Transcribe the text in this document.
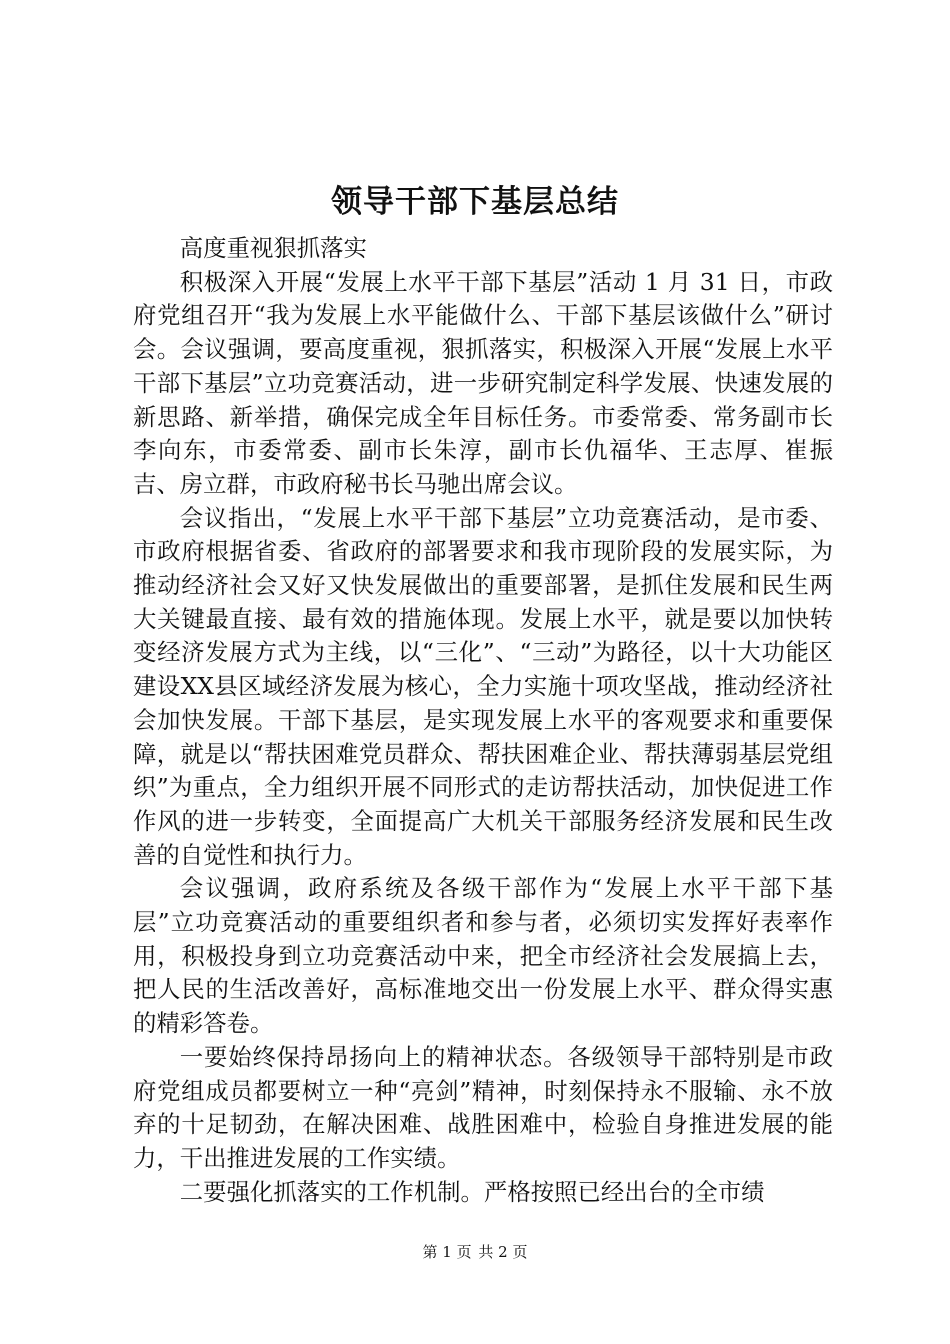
领导干部下基层总结

高度重视狠抓落实

积极深入开展“发展上水平干部下基层”活动 1 月 31 日，市政府党组召开“我为发展上水平能做什么、干部下基层该做什么”研讨会。会议强调，要高度重视，狠抓落实，积极深入开展“发展上水平干部下基层”立功竞赛活动，进一步研究制定科学发展、快速发展的新思路、新举措，确保完成全年目标任务。市委常委、常务副市长李向东，市委常委、副市长朱淳，副市长仇福华、王志厚、崔振吉、房立群，市政府秘书长马驰出席会议。

会议指出，“发展上水平干部下基层”立功竞赛活动，是市委、市政府根据省委、省政府的部署要求和我市现阶段的发展实际，为推动经济社会又好又快发展做出的重要部署，是抓住发展和民生两大关键最直接、最有效的措施体现。发展上水平，就是要以加快转变经济发展方式为主线，以“三化”、“三动”为路径，以十大功能区建设XX县区域经济发展为核心，全力实施十项攻坚战，推动经济社会加快发展。干部下基层，是实现发展上水平的客观要求和重要保障，就是以“帮扶困难党员群众、帮扶困难企业、帮扶薄弱基层党组织”为重点，全力组织开展不同形式的走访帮扶活动，加快促进工作作风的进一步转变，全面提高广大机关干部服务经济发展和民生改善的自觉性和执行力。

会议强调，政府系统及各级干部作为“发展上水平干部下基层”立功竞赛活动的重要组织者和参与者，必须切实发挥好表率作用，积极投身到立功竞赛活动中来，把全市经济社会发展搞上去，把人民的生活改善好，高标准地交出一份发展上水平、群众得实惠的精彩答卷。

一要始终保持昂扬向上的精神状态。各级领导干部特别是市政府党组成员都要树立一种“亮剑”精神，时刻保持永不服输、永不放弃的十足韧劲，在解决困难、战胜困难中，检验自身推进发展的能力，干出推进发展的工作实绩。

二要强化抓落实的工作机制。严格按照已经出台的全市绩

第 1 页 共 2 页
